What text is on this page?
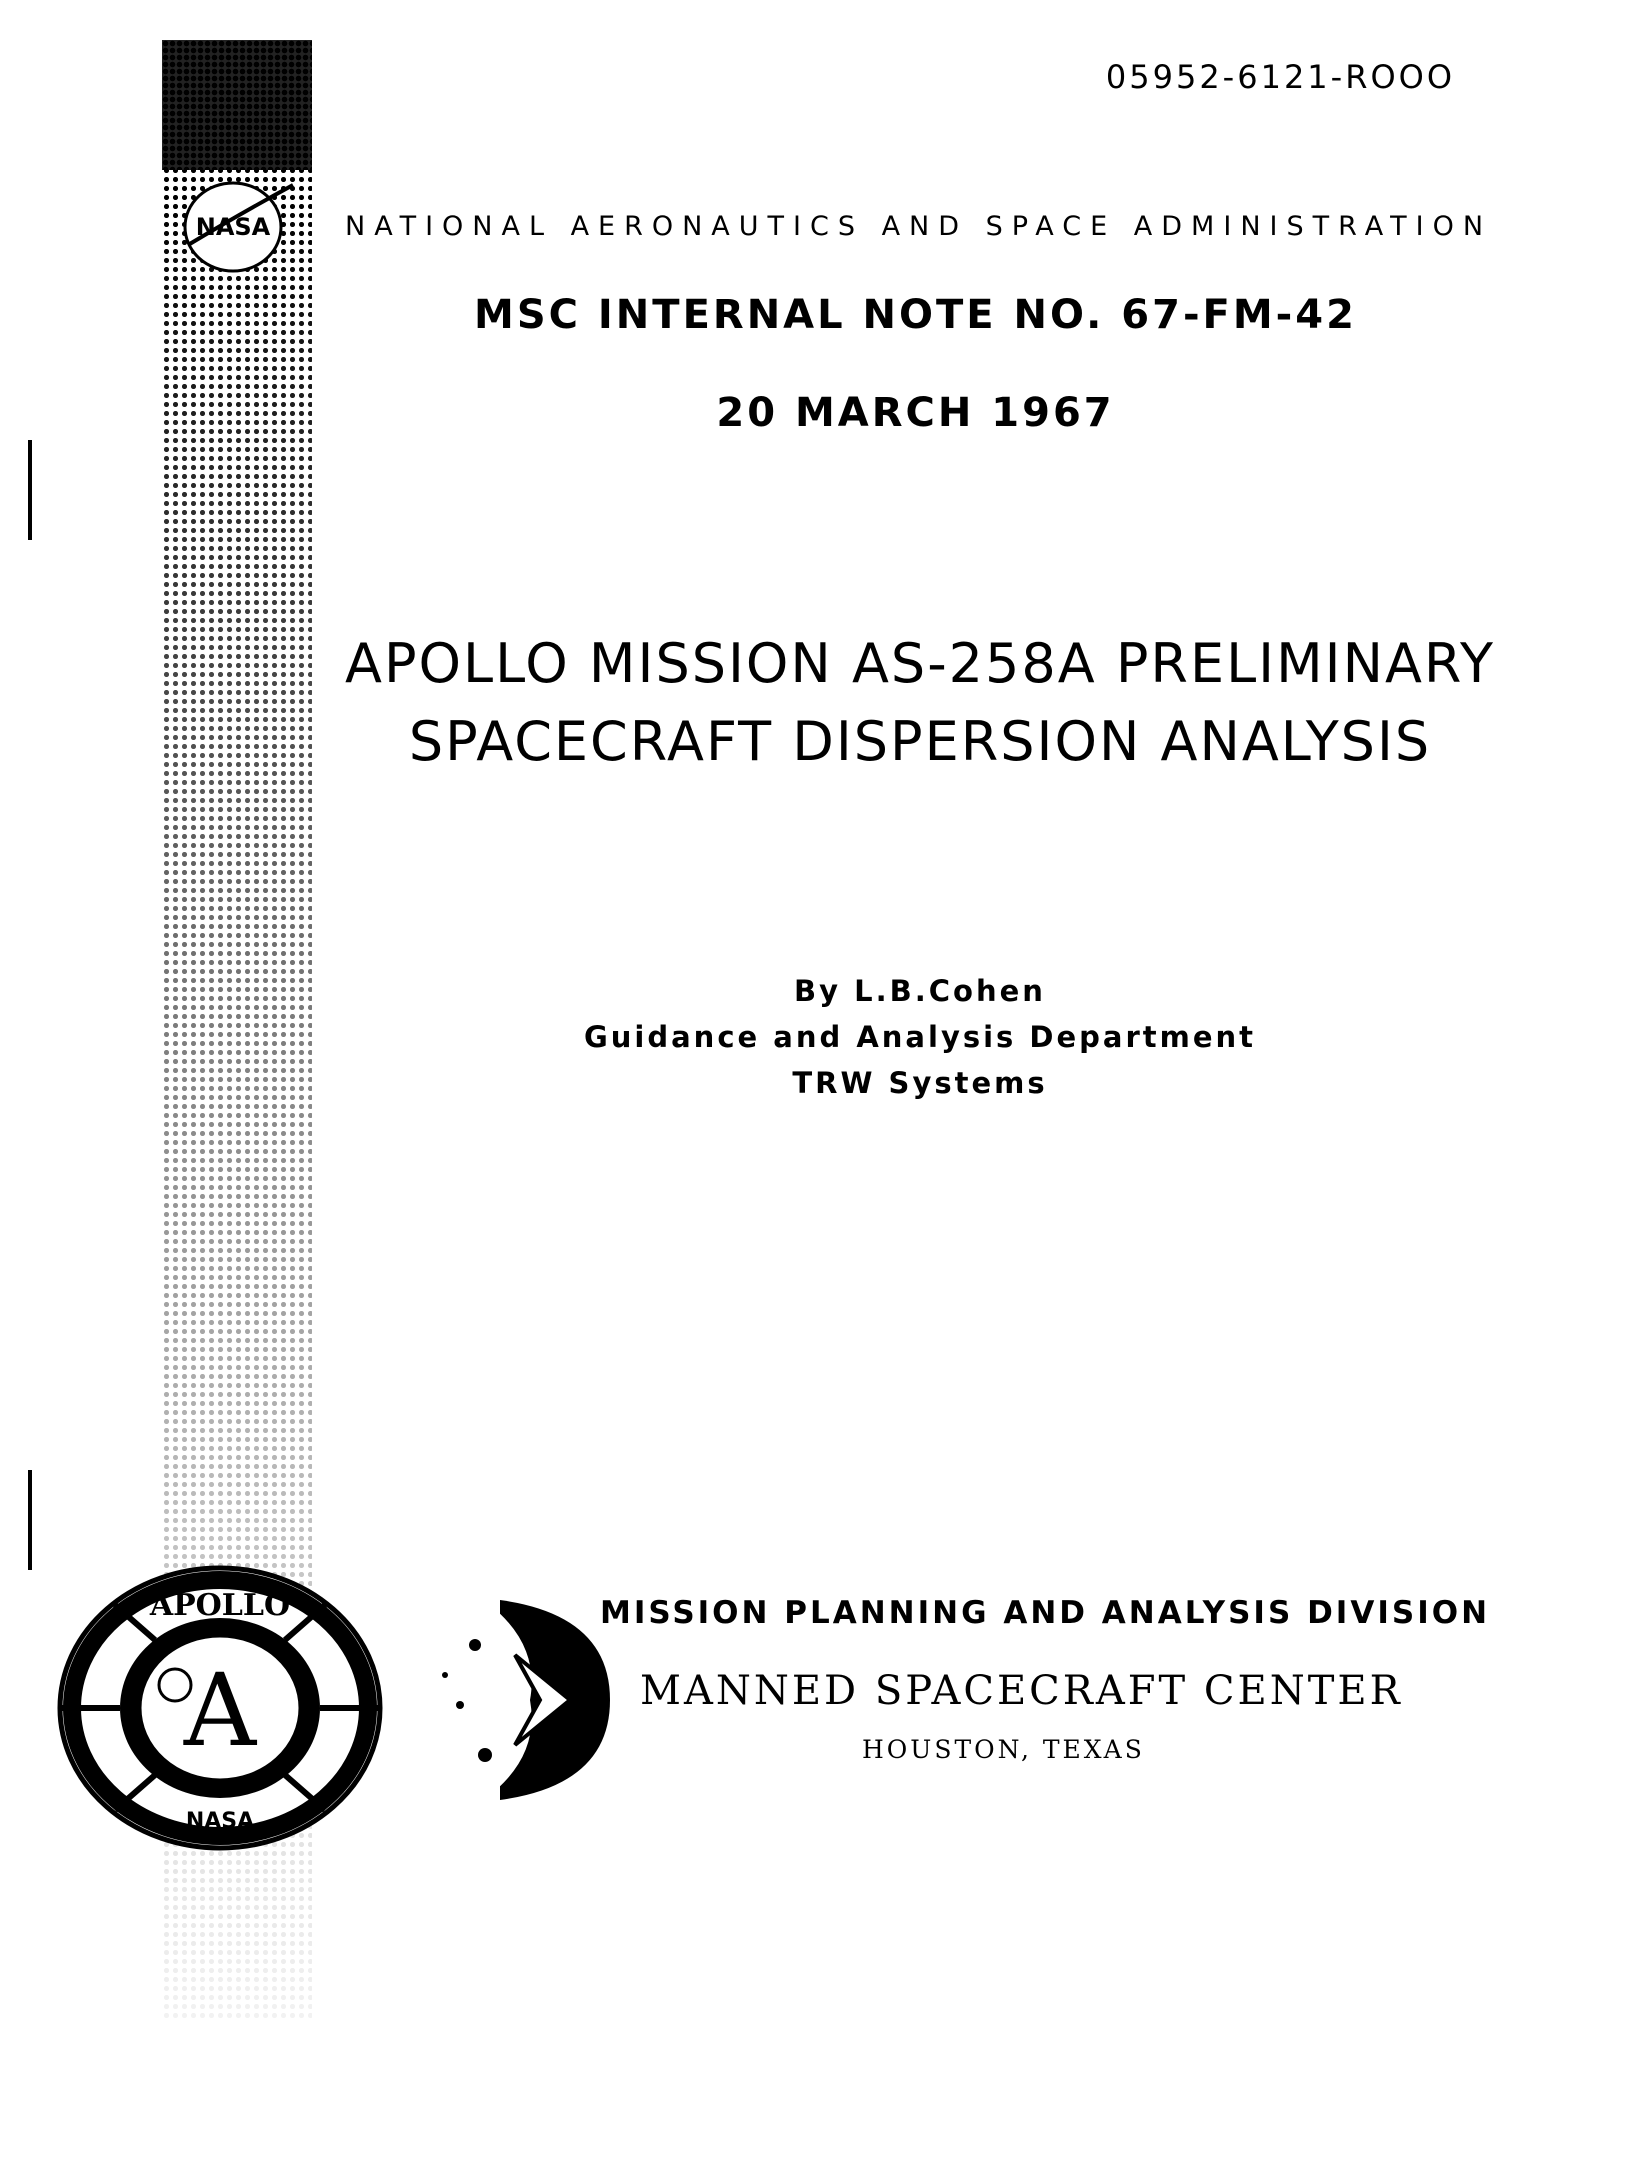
05952-6121-ROOO
NASA	NATIONAL AERONAUTICS AND SPACE ADMINISTRATION
MSC INTERNAL NOTE NO. 67-FM-42
20 MARCH 1967
APOLLO MISSION AS-258A PRELIMINARY
SPACECRAFT DISPERSION ANALYSIS
By L.B.Cohen
Guidance and Analysis Department
TRW Systems
A
APOLLO
NASA
MISSION PLANNING AND ANALYSIS DIVISION
MANNED SPACECRAFT CENTER
HOUSTON, TEXAS
